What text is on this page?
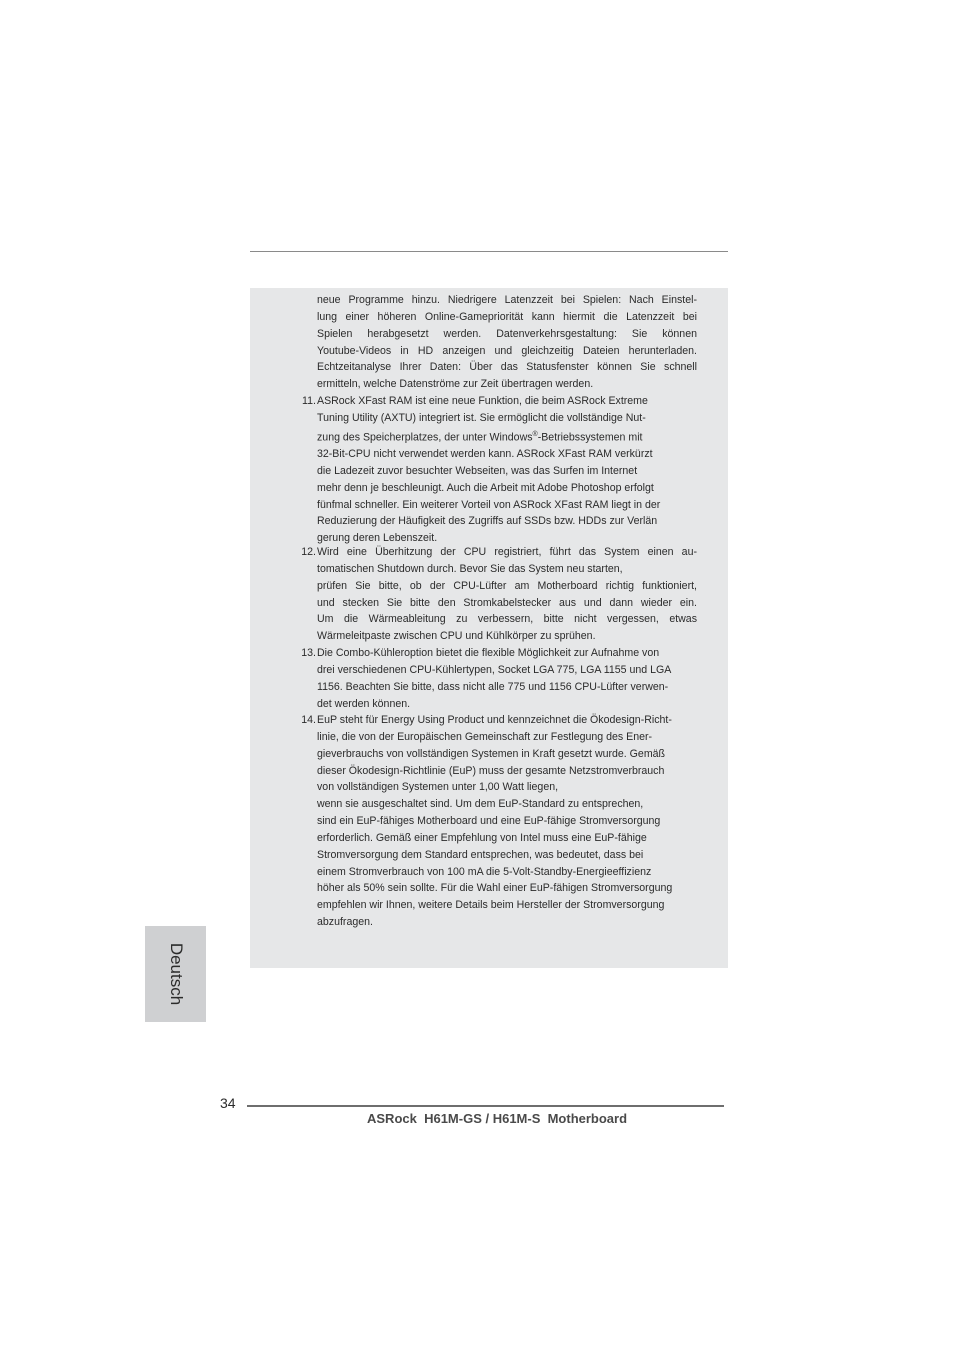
neue Programme hinzu. Niedrigere Latenzzeit bei Spielen: Nach Einstel-
lung einer höheren Online-Gamepriorität kann hiermit die Latenzzeit bei
Spielen herabgesetzt werden. Datenverkehrsgestaltung: Sie können
Youtube-Videos in HD anzeigen und gleichzeitig Dateien herunterladen.
Echtzeitanalyse Ihrer Daten: Über das Statusfenster können Sie schnell
ermitteln, welche Datenströme zur Zeit übertragen werden.
11. ASRock XFast RAM ist eine neue Funktion, die beim ASRock Extreme
Tuning Utility (AXTU) integriert ist. Sie ermöglicht die vollständige Nut-
zung des Speicherplatzes, der unter Windows®-Betriebssystemen mit
32-Bit-CPU nicht verwendet werden kann. ASRock XFast RAM verkürzt
die Ladezeit zuvor besuchter Webseiten, was das Surfen im Internet
mehr denn je beschleunigt. Auch die Arbeit mit Adobe Photoshop erfolgt
fünfmal schneller. Ein weiterer Vorteil von ASRock XFast RAM liegt in der
Reduzierung der Häufigkeit des Zugriffs auf SSDs bzw. HDDs zur Verlän
gerung deren Lebenszeit.
12. Wird eine Überhitzung der CPU registriert, führt das System einen au-
tomatischen Shutdown durch. Bevor Sie das System neu starten,
prüfen Sie bitte, ob der CPU-Lüfter am Motherboard richtig funktioniert,
und stecken Sie bitte den Stromkabelstecker aus und dann wieder ein.
Um die Wärmeableitung zu verbessern, bitte nicht vergessen, etwas
Wärmeleitpaste zwischen CPU und Kühlkörper zu sprühen.
13. Die Combo-Kühleroption bietet die flexible Möglichkeit zur Aufnahme von
drei verschiedenen CPU-Kühlertypen, Socket LGA 775, LGA 1155 und LGA
1156. Beachten Sie bitte, dass nicht alle 775 und 1156 CPU-Lüfter verwen-
det werden können.
14. EuP steht für Energy Using Product und kennzeichnet die Ökodesign-Richt-
linie, die von der Europäischen Gemeinschaft zur Festlegung des Ener-
gieverbrauchs von vollständigen Systemen in Kraft gesetzt wurde. Gemäß
dieser Ökodesign-Richtlinie (EuP) muss der gesamte Netzstromverbrauch
von vollständigen Systemen unter 1,00 Watt liegen,
wenn sie ausgeschaltet sind. Um dem EuP-Standard zu entsprechen,
sind ein EuP-fähiges Motherboard und eine EuP-fähige Stromversorgung
erforderlich. Gemäß einer Empfehlung von Intel muss eine EuP-fähige
Stromversorgung dem Standard entsprechen, was bedeutet, dass bei
einem Stromverbrauch von 100 mA die 5-Volt-Standby-Energieeffizienz
höher als 50% sein sollte. Für die Wahl einer EuP-fähigen Stromversorgung
empfehlen wir Ihnen, weitere Details beim Hersteller der Stromversorgung
abzufragen.
Deutsch
34
ASRock  H61M-GS / H61M-S  Motherboard
